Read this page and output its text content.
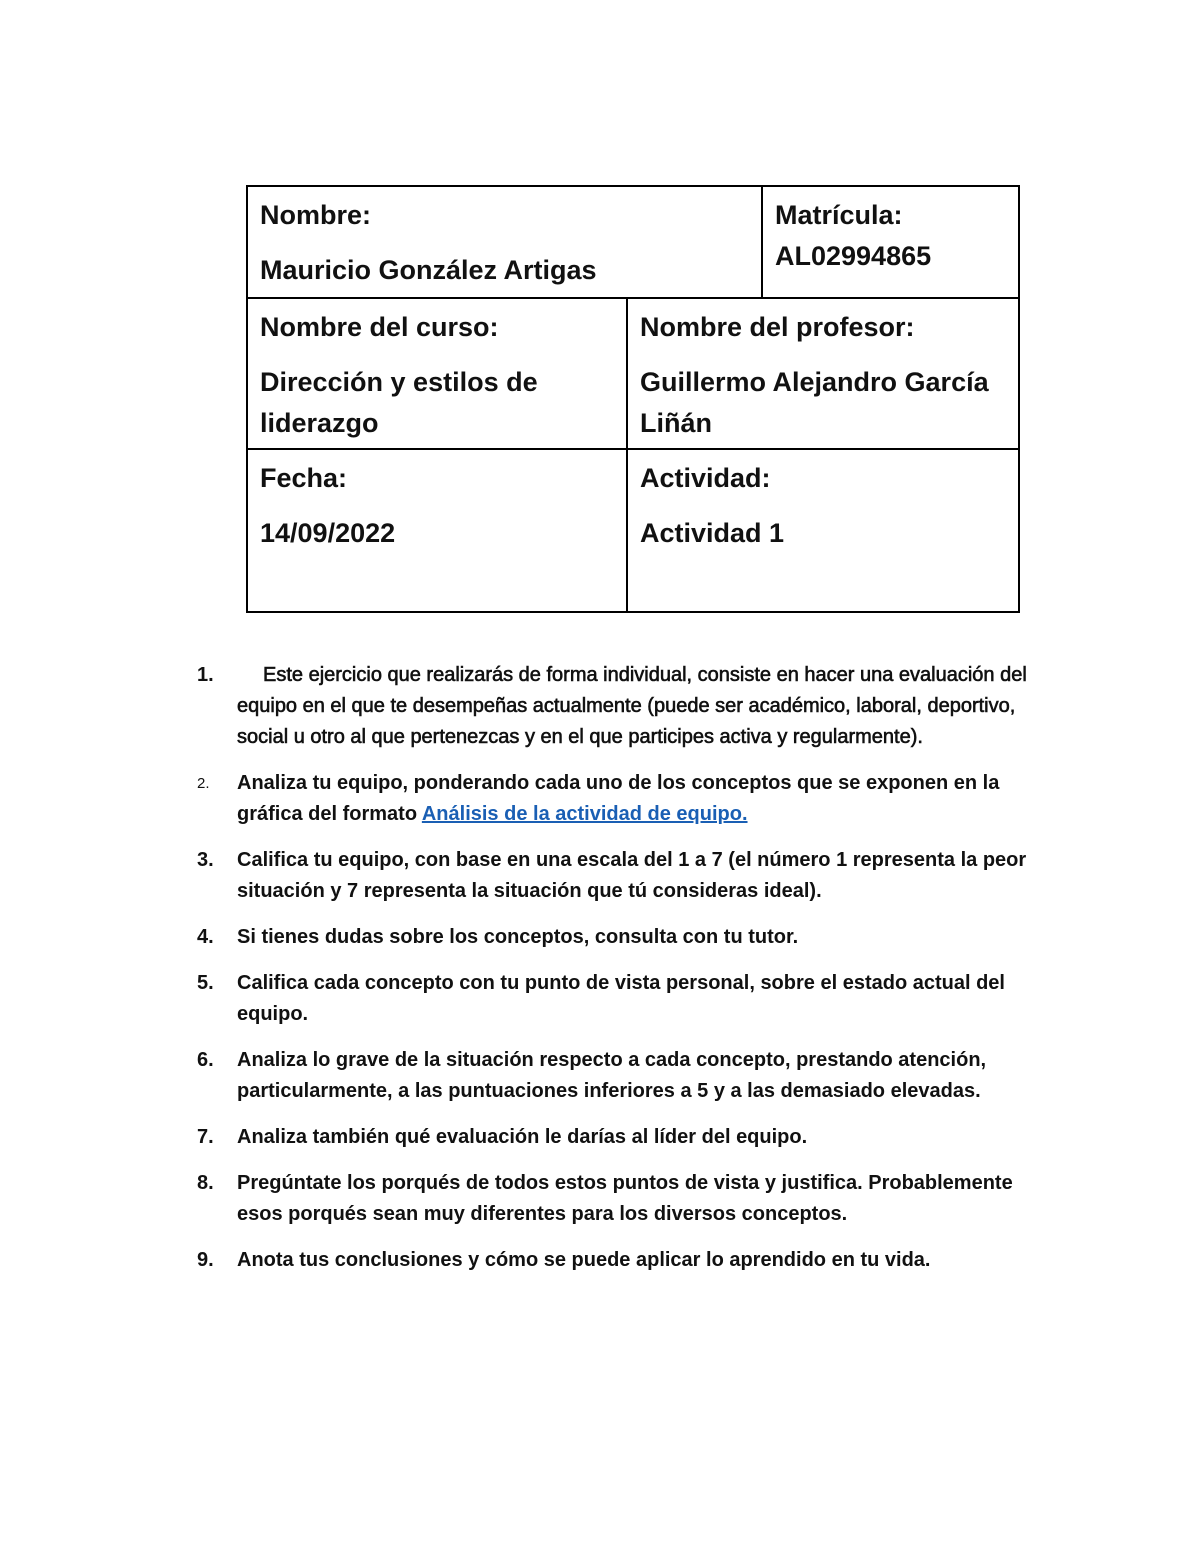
Nombre:
Mauricio González Artigas
Matrícula:
AL02994865
Nombre del curso:
Dirección y estilos de liderazgo
Nombre del profesor:
Guillermo Alejandro García Liñán
Fecha:
14/09/2022
Actividad:
Actividad 1
1.	Este ejercicio que realizarás de forma individual, consiste en hacer una evaluación del equipo en el que te desempeñas actualmente (puede ser académico, laboral, deportivo, social u otro al que pertenezcas y en el que participes activa y regularmente).
2.	Analiza tu equipo, ponderando cada uno de los conceptos que se exponen en la gráfica del formato Análisis de la actividad de equipo.
3.	Califica tu equipo, con base en una escala del 1 a 7 (el número 1 representa la peor situación y 7 representa la situación que tú consideras ideal).
4.	Si tienes dudas sobre los conceptos, consulta con tu tutor.
5.	Califica cada concepto con tu punto de vista personal, sobre el estado actual del equipo.
6.	Analiza lo grave de la situación respecto a cada concepto, prestando atención, particularmente, a las puntuaciones inferiores a 5 y a las demasiado elevadas.
7.	Analiza también qué evaluación le darías al líder del equipo.
8.	Pregúntate los porqués de todos estos puntos de vista y justifica. Probablemente esos porqués sean muy diferentes para los diversos conceptos.
9.	Anota tus conclusiones y cómo se puede aplicar lo aprendido en tu vida.
